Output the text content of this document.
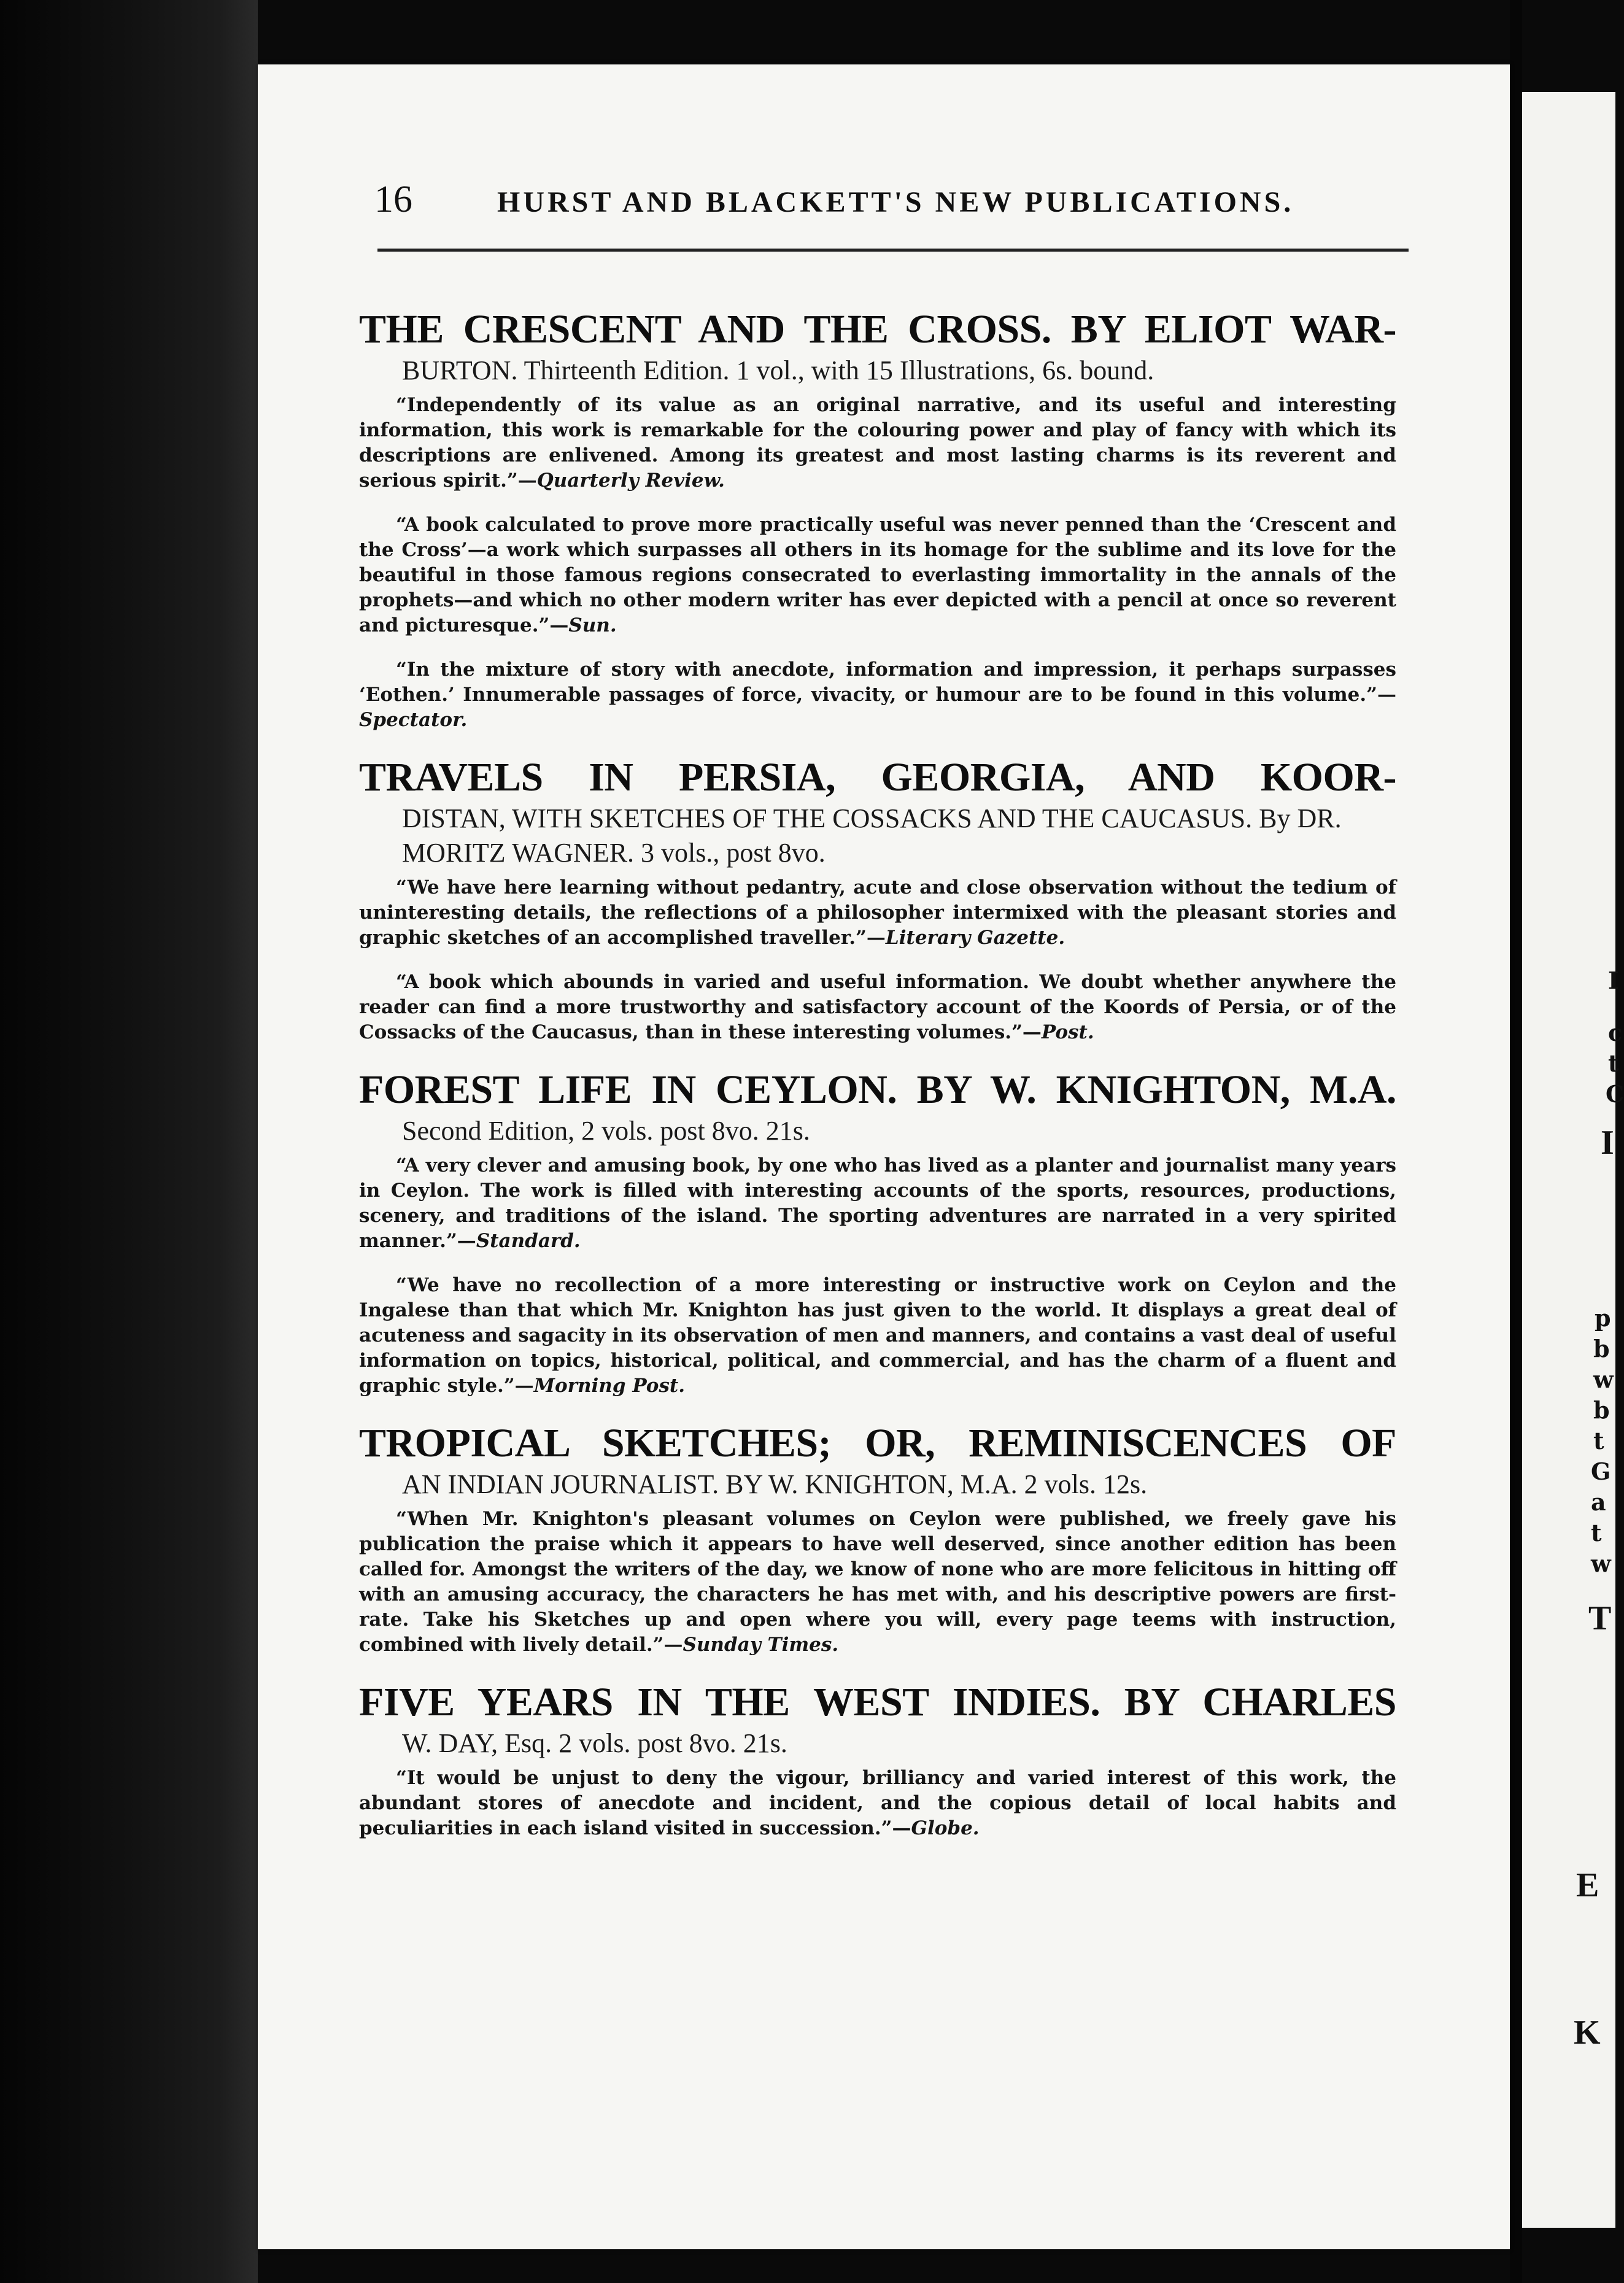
I
c
t
C
I
p
b
w
b
t
G
a
t
w
T
E
K
16	HURST AND BLACKETT'S NEW PUBLICATIONS.
THE CRESCENT AND THE CROSS. BY ELIOT WAR-
BURTON. Thirteenth Edition. 1 vol., with 15 Illustrations, 6s. bound.

“Independently of its value as an original narrative, and its useful and interesting information, this work is remarkable for the colouring power and play of fancy with which its descriptions are enlivened. Among its greatest and most lasting charms is its reverent and serious spirit.”—Quarterly Review.

“A book calculated to prove more practically useful was never penned than the ‘Crescent and the Cross’—a work which surpasses all others in its homage for the sublime and its love for the beautiful in those famous regions consecrated to everlasting immortality in the annals of the prophets—and which no other modern writer has ever depicted with a pencil at once so reverent and picturesque.”—Sun.

“In the mixture of story with anecdote, information and impression, it perhaps surpasses ‘Eothen.’ Innumerable passages of force, vivacity, or humour are to be found in this volume.”—Spectator.

TRAVELS IN PERSIA, GEORGIA, AND KOOR-
DISTAN, WITH SKETCHES OF THE COSSACKS AND THE CAUCASUS. By DR. MORITZ WAGNER. 3 vols., post 8vo.

“We have here learning without pedantry, acute and close observation without the tedium of uninteresting details, the reflections of a philosopher intermixed with the pleasant stories and graphic sketches of an accomplished traveller.”—Literary Gazette.

“A book which abounds in varied and useful information. We doubt whether anywhere the reader can find a more trustworthy and satisfactory account of the Koords of Persia, or of the Cossacks of the Caucasus, than in these interesting volumes.”—Post.

FOREST LIFE IN CEYLON. BY W. KNIGHTON, M.A.
Second Edition, 2 vols. post 8vo. 21s.

“A very clever and amusing book, by one who has lived as a planter and journalist many years in Ceylon. The work is filled with interesting accounts of the sports, resources, productions, scenery, and traditions of the island. The sporting adventures are narrated in a very spirited manner.”—Standard.

“We have no recollection of a more interesting or instructive work on Ceylon and the Ingalese than that which Mr. Knighton has just given to the world. It displays a great deal of acuteness and sagacity in its observation of men and manners, and contains a vast deal of useful information on topics, historical, political, and commercial, and has the charm of a fluent and graphic style.”—Morning Post.

TROPICAL SKETCHES; OR, REMINISCENCES OF
AN INDIAN JOURNALIST. BY W. KNIGHTON, M.A. 2 vols. 12s.

“When Mr. Knighton's pleasant volumes on Ceylon were published, we freely gave his publication the praise which it appears to have well deserved, since another edition has been called for. Amongst the writers of the day, we know of none who are more felicitous in hitting off with an amusing accuracy, the characters he has met with, and his descriptive powers are first-rate. Take his Sketches up and open where you will, every page teems with instruction, combined with lively detail.”—Sunday Times.

FIVE YEARS IN THE WEST INDIES. BY CHARLES
W. DAY, Esq. 2 vols. post 8vo. 21s.

“It would be unjust to deny the vigour, brilliancy and varied interest of this work, the abundant stores of anecdote and incident, and the copious detail of local habits and peculiarities in each island visited in succession.”—Globe.
